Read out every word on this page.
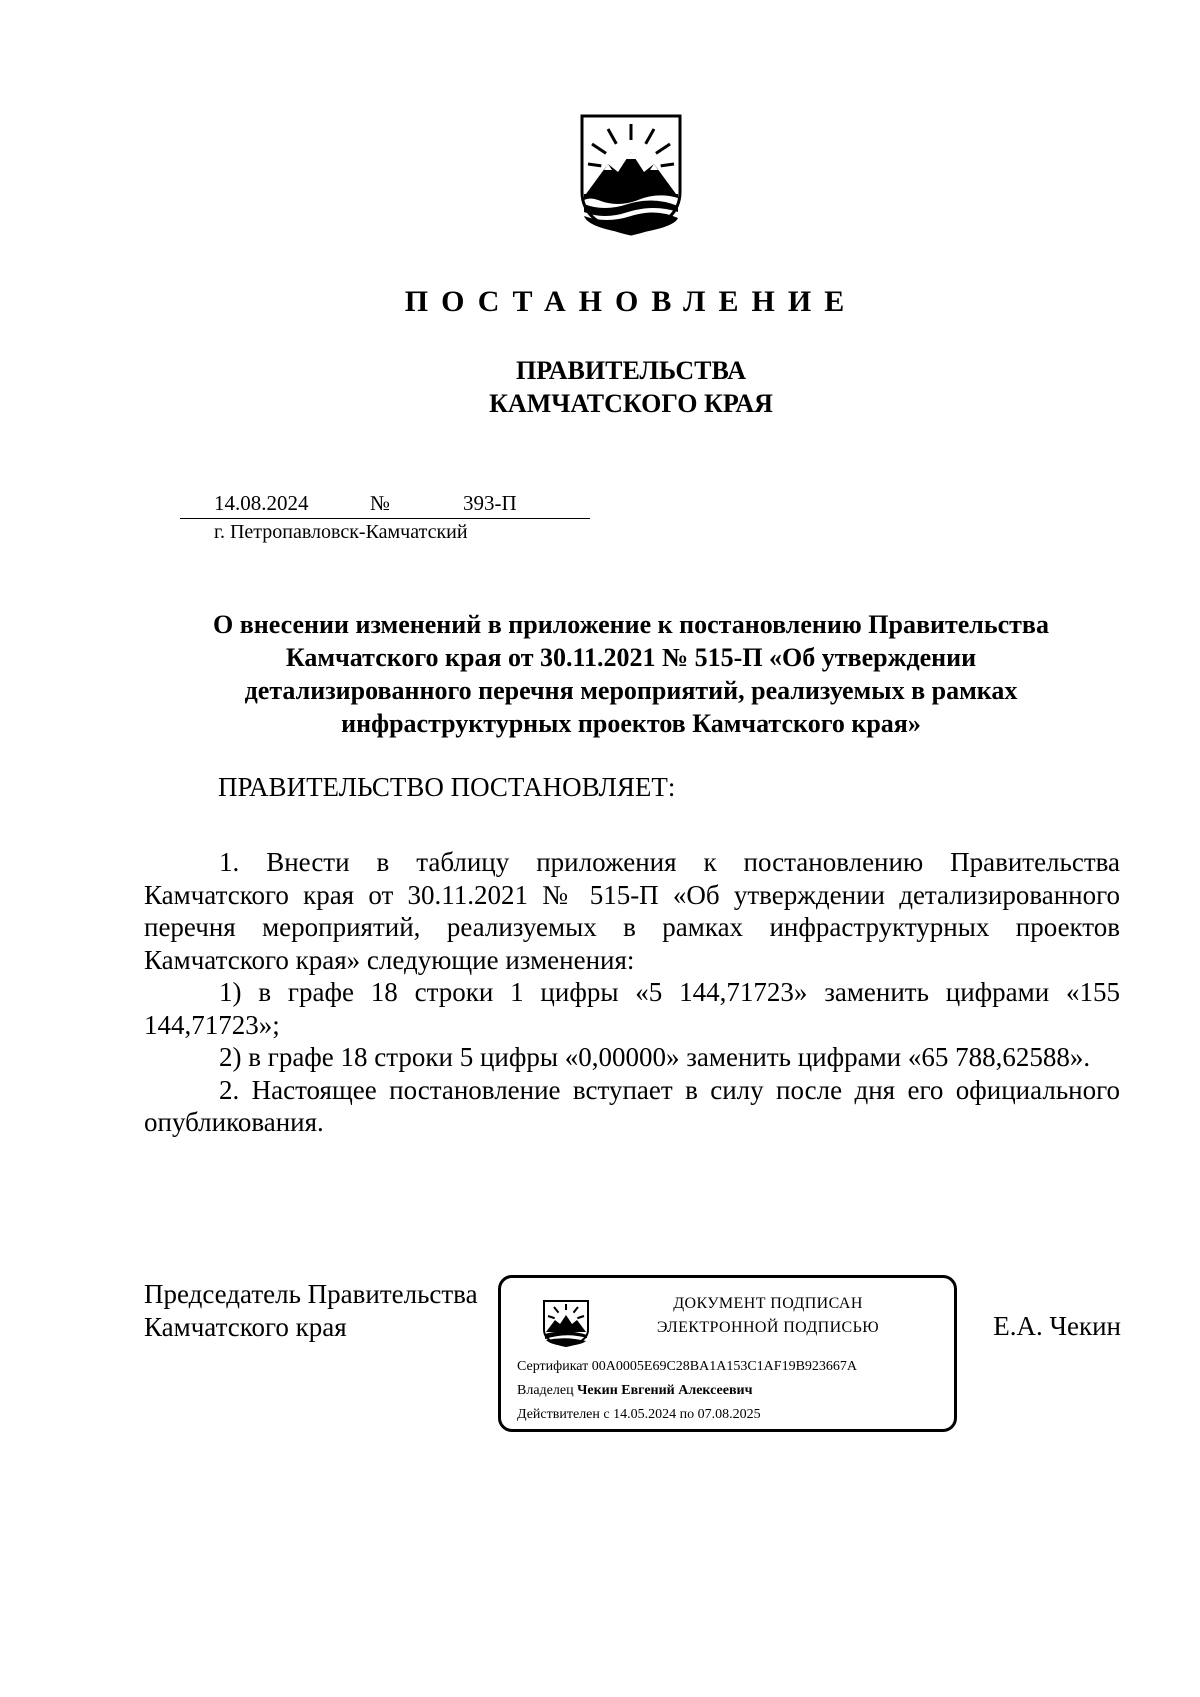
ПОСТАНОВЛЕНИЕ
ПРАВИТЕЛЬСТВА
КАМЧАТСКОГО КРАЯ
14.08.2024	№	393-П
г. Петропавловск-Камчатский
О внесении изменений в приложение к постановлению Правительства
Камчатского края от 30.11.2021 № 515-П «Об утверждении
детализированного перечня мероприятий, реализуемых в рамках
инфраструктурных проектов Камчатского края»
ПРАВИТЕЛЬСТВО ПОСТАНОВЛЯЕТ:

1. Внести в таблицу приложения к постановлению Правительства Камчатского края от 30.11.2021 № 515-П «Об утверждении детализированного перечня мероприятий, реализуемых в рамках инфраструктурных проектов Камчатского края» следующие изменения:

1) в графе 18 строки 1 цифры «5 144,71723» заменить цифрами «155 144,71723»;

2) в графе 18 строки 5 цифры «0,00000» заменить цифрами «65 788,62588».

2. Настоящее постановление вступает в силу после дня его официального опубликования.

Председатель Правительства
Камчатского края	Е.А. Чекин
ДОКУМЕНТ ПОДПИСАН
ЭЛЕКТРОННОЙ ПОДПИСЬЮ
Сертификат 00A0005E69C28BA1A153C1AF19B923667A
Владелец Чекин Евгений Алексеевич
Действителен с 14.05.2024 по 07.08.2025
